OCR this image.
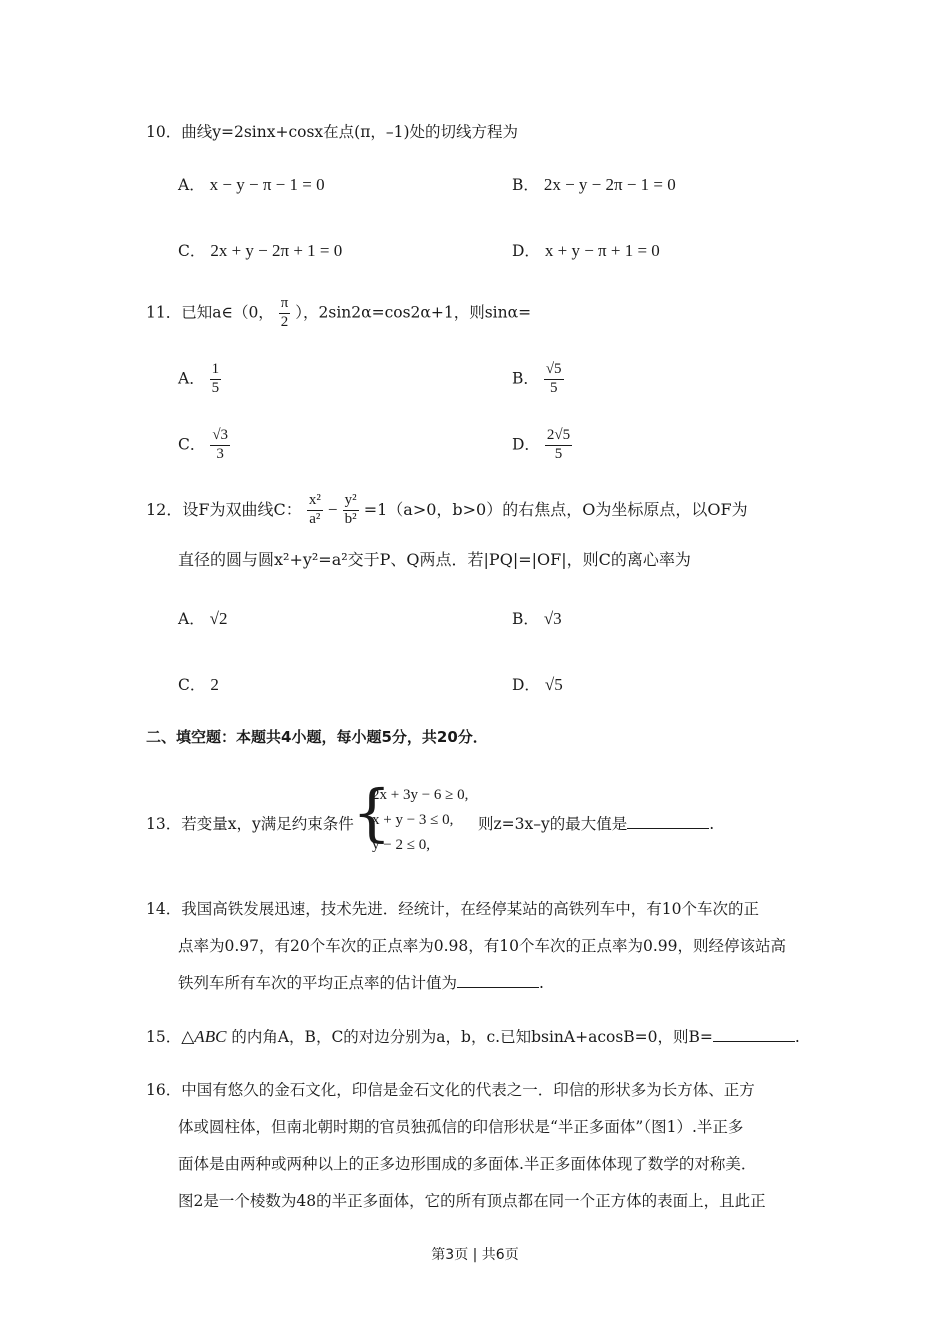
10．曲线y=2sinx+cosx在点(π，–1)处的切线方程为
A． x − y − π − 1 = 0	B． 2x − y − 2π − 1 = 0
C． 2x + y − 2π + 1 = 0	D． x + y − π + 1 = 0
11．已知a∈（0， $\frac{\pi}{2}$ ），2sin2α=cos2α+1，则sinα=
A． $\frac{1}{5}$	B． $\frac{√5}{5}$
C． $\frac{√3}{3}$	D． $\frac{2√5}{5}$
12．设F为双曲线C： $\frac{\text{x²}}{\text{a²}} - \frac{\text{y²}}{\text{b²}} =1(a>0$，b>0）的右焦点，O为坐标原点，以OF为
直径的圆与圆x²+y²=a²交于P、Q两点．若|PQ|=|OF|，则C的离心率为
A． √2	B． √3
C． 2	D． √5
二、填空题：本题共4小题，每小题5分，共20分．
13．若变量x，y满足约束条件
{
2x + 3y − 6 ≥ 0,
x + y − 3 ≤ 0,
y − 2 ≤ 0,
则z=3x–y的最大值是	.
14．我国高铁发展迅速，技术先进．经统计，在经停某站的高铁列车中，有10个车次的正
点率为0.97，有20个车次的正点率为0.98，有10个车次的正点率为0.99，则经停该站高
铁列车所有车次的平均正点率的估计值为	.
15．△ABC 的内角A，B，C的对边分别为a，b，c.已知bsinA+acosB=0，则B=	.
16．中国有悠久的金石文化，印信是金石文化的代表之一．印信的形状多为长方体、正方
体或圆柱体，但南北朝时期的官员独孤信的印信形状是“半正多面体”（图1）.半正多
面体是由两种或两种以上的正多边形围成的多面体.半正多面体体现了数学的对称美．
图2是一个棱数为48的半正多面体，它的所有顶点都在同一个正方体的表面上，且此正
第3页 | 共6页
